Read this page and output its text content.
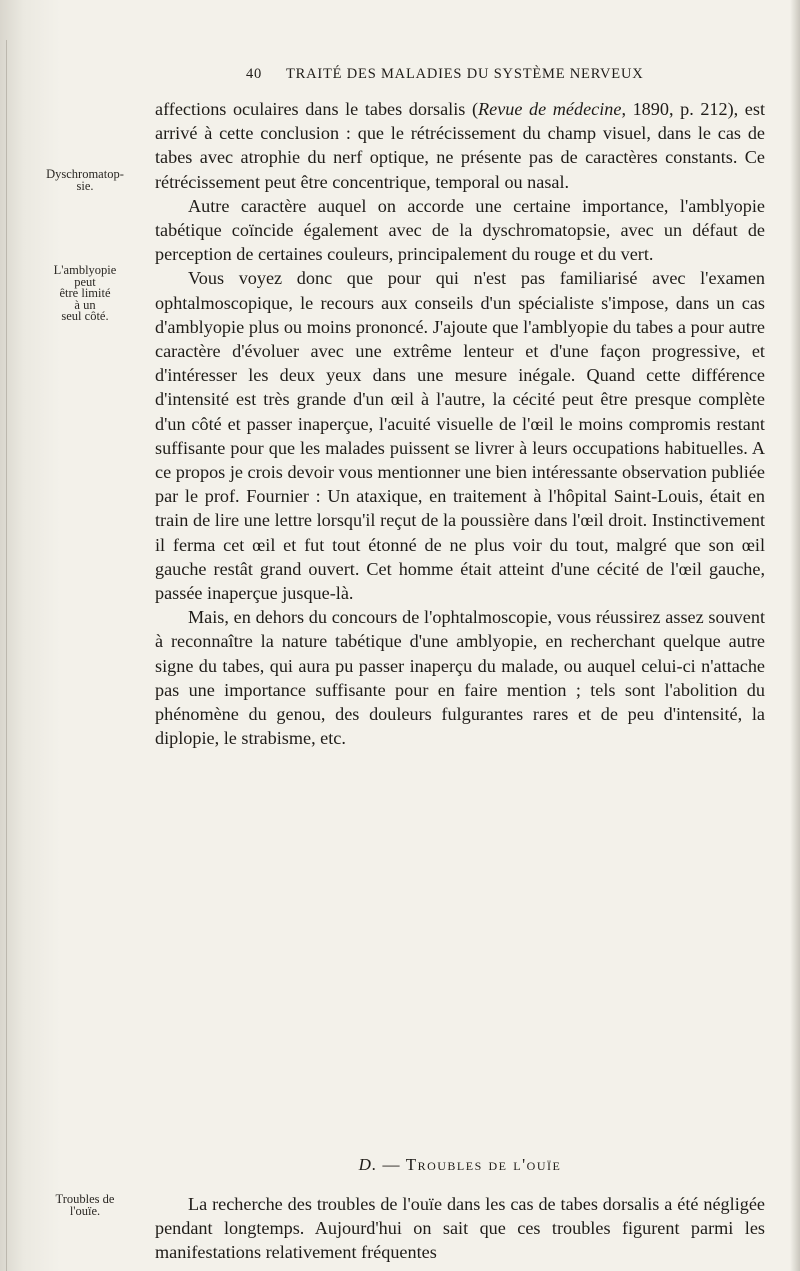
40 TRAITÉ DES MALADIES DU SYSTÈME NERVEUX
Dyschromatop-
sie.
L'amblyopie
peut
être limité
à un
seul côté.
Troubles de
l'ouïe.

affections oculaires dans le tabes dorsalis (Revue de médecine, 1890, p. 212), est arrivé à cette conclusion : que le rétrécissement du champ visuel, dans le cas de tabes avec atrophie du nerf optique, ne présente pas de caractères constants. Ce rétrécissement peut être concentrique, temporal ou nasal.

Autre caractère auquel on accorde une certaine importance, l'amblyopie tabétique coïncide également avec de la dyschromatopsie, avec un défaut de perception de certaines couleurs, principalement du rouge et du vert.

Vous voyez donc que pour qui n'est pas familiarisé avec l'examen ophtalmoscopique, le recours aux conseils d'un spécialiste s'impose, dans un cas d'amblyopie plus ou moins prononcé. J'ajoute que l'amblyopie du tabes a pour autre caractère d'évoluer avec une extrême lenteur et d'une façon progressive, et d'intéresser les deux yeux dans une mesure inégale. Quand cette différence d'intensité est très grande d'un œil à l'autre, la cécité peut être presque complète d'un côté et passer inaperçue, l'acuité visuelle de l'œil le moins compromis restant suffisante pour que les malades puissent se livrer à leurs occupations habituelles. A ce propos je crois devoir vous mentionner une bien intéressante observation publiée par le prof. Fournier : Un ataxique, en traitement à l'hôpital Saint-Louis, était en train de lire une lettre lorsqu'il reçut de la poussière dans l'œil droit. Instinctivement il ferma cet œil et fut tout étonné de ne plus voir du tout, malgré que son œil gauche restât grand ouvert. Cet homme était atteint d'une cécité de l'œil gauche, passée inaperçue jusque-là.

Mais, en dehors du concours de l'ophtalmoscopie, vous réussirez assez souvent à reconnaître la nature tabétique d'une amblyopie, en recherchant quelque autre signe du tabes, qui aura pu passer inaperçu du malade, ou auquel celui-ci n'attache pas une importance suffisante pour en faire mention ; tels sont l'abolition du phénomène du genou, des douleurs fulgurantes rares et de peu d'intensité, la diplopie, le strabisme, etc.

D. — Troubles de l'ouïe

La recherche des troubles de l'ouïe dans les cas de tabes dorsalis a été négligée pendant longtemps. Aujourd'hui on sait que ces troubles figurent parmi les manifestations relativement fréquentes
